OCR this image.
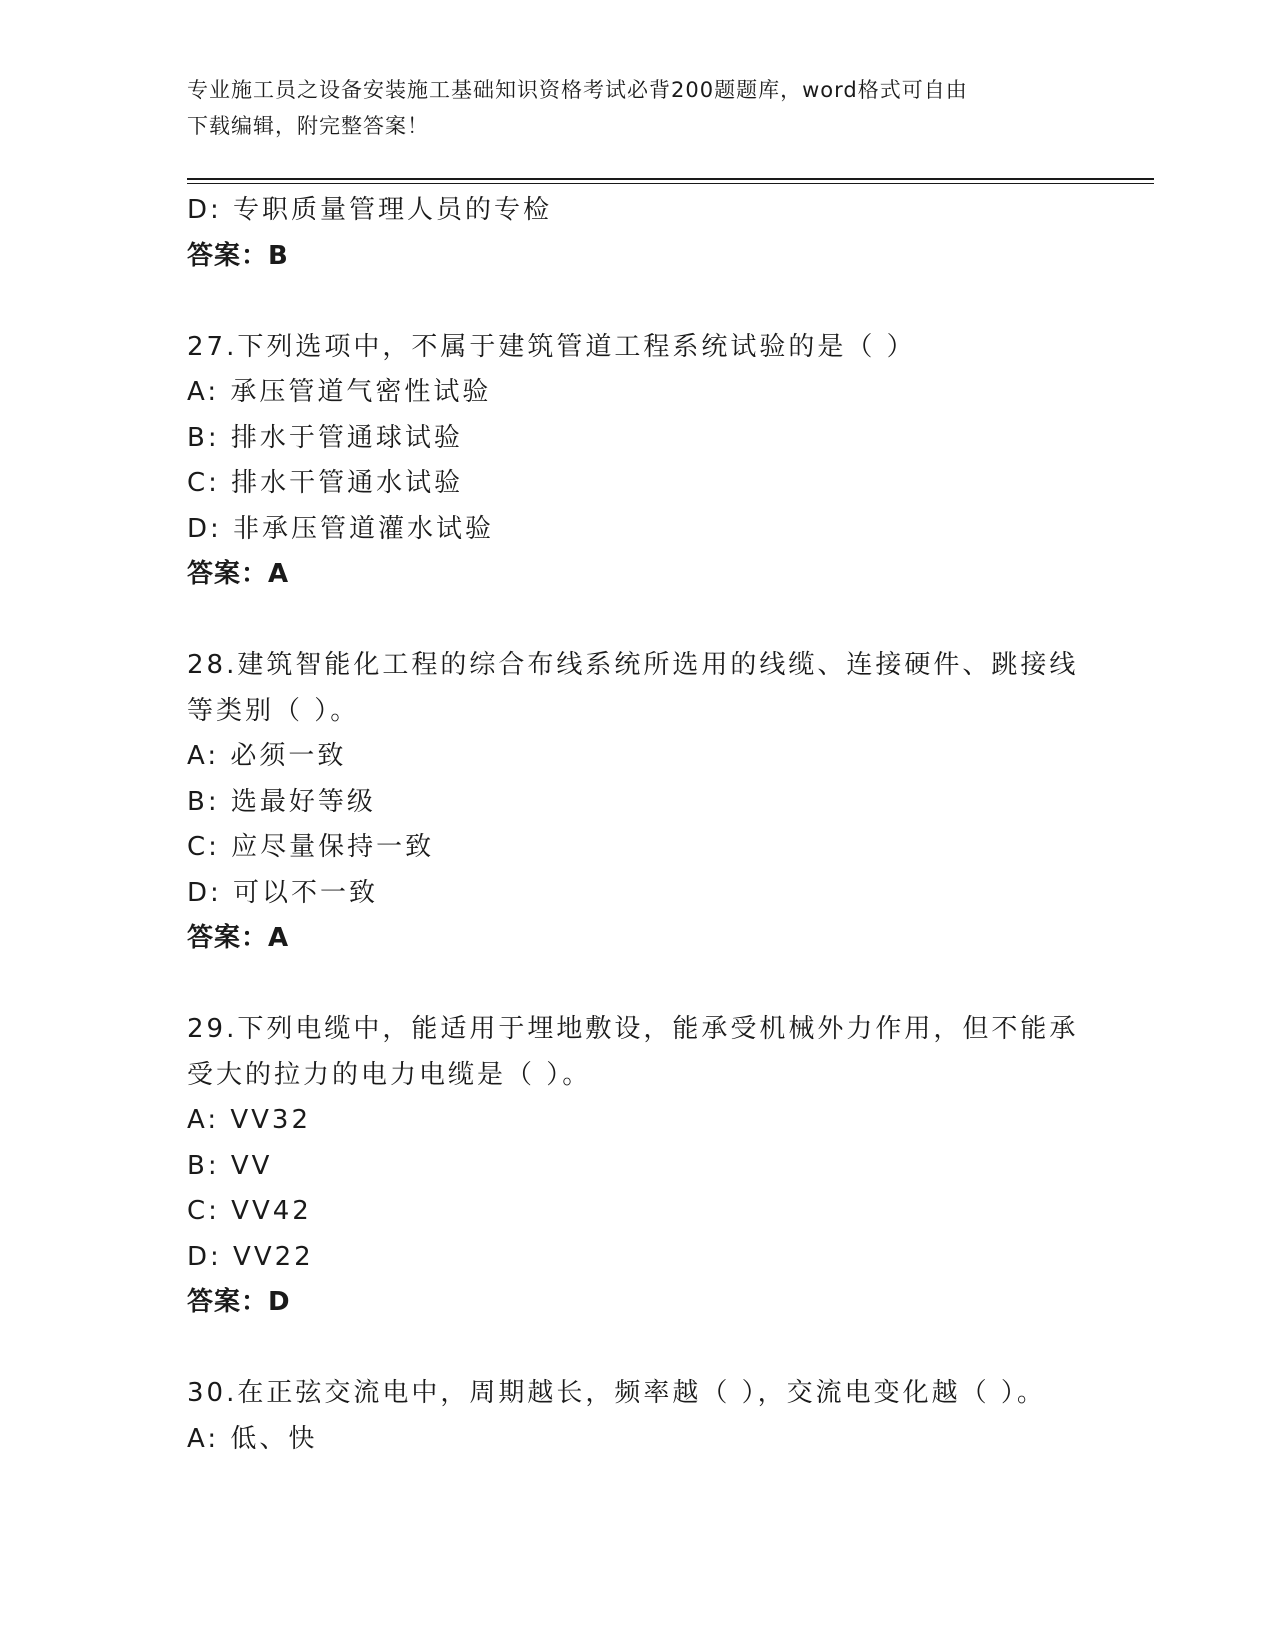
专业施工员之设备安装施工基础知识资格考试必背200题题库，word格式可自由
下载编辑，附完整答案！
D: 专职质量管理人员的专检
答案：B
27.下列选项中，不属于建筑管道工程系统试验的是（ ）
A: 承压管道气密性试验
B: 排水于管通球试验
C: 排水干管通水试验
D: 非承压管道灌水试验
答案：A
28.建筑智能化工程的综合布线系统所选用的线缆、连接硬件、跳接线
等类别（ ）。
A: 必须一致
B: 选最好等级
C: 应尽量保持一致
D: 可以不一致
答案：A
29.下列电缆中，能适用于埋地敷设，能承受机械外力作用，但不能承
受大的拉力的电力电缆是（ ）。
A: VV32
B: VV
C: VV42
D: VV22
答案：D
30.在正弦交流电中，周期越长，频率越（ ），交流电变化越（ ）。
A: 低、快
